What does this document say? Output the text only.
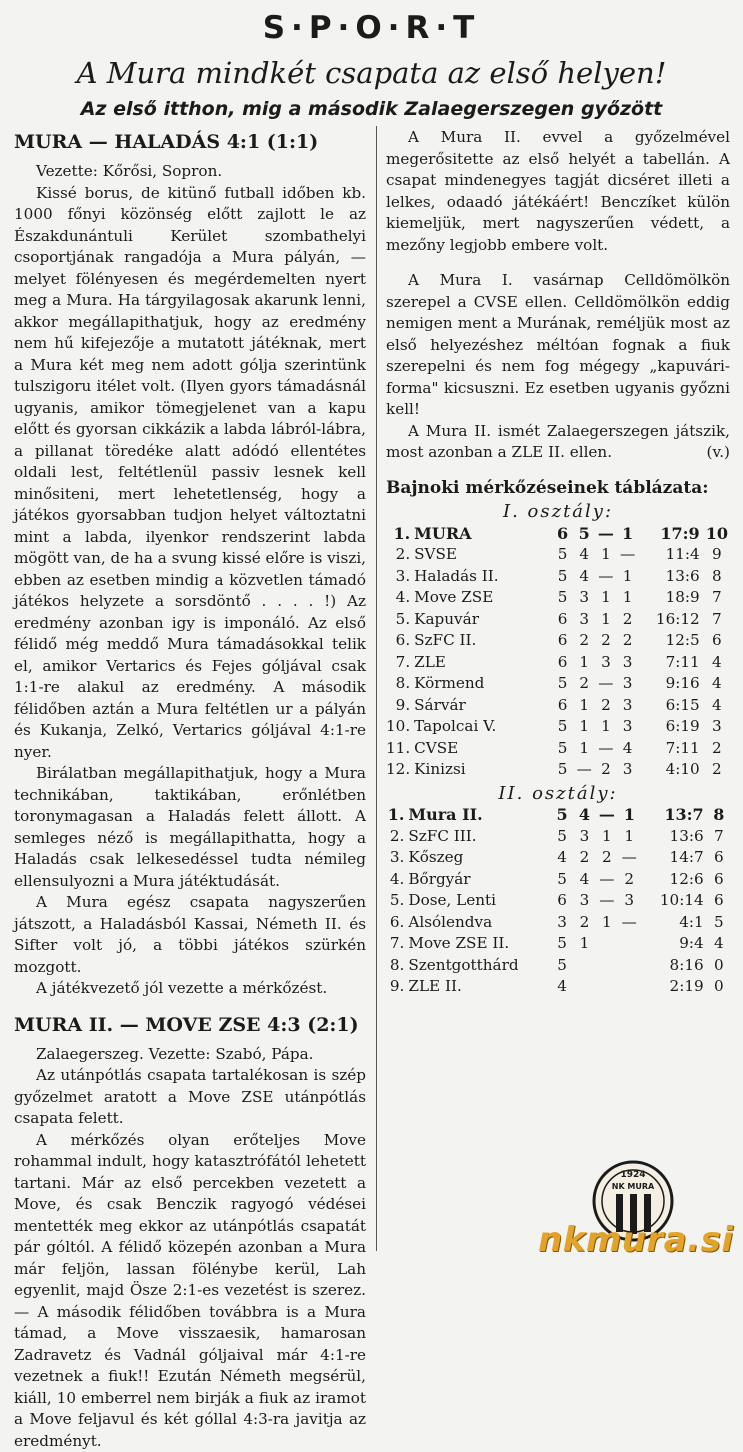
S·P·O·R·T
A Mura mindkét csapata az első helyen!
Az első itthon, mig a második Zalaegerszegen győzött
MURA — HALADÁS 4:1 (1:1)

Vezette: Kőrősi, Sopron.

Kissé borus, de kitünő futball időben kb. 1000 főnyi közönség előtt zajlott le az Északdunántuli Kerület szombathelyi csoportjának rangadója a Mura pályán, — melyet fölényesen és megérdemelten nyert meg a Mura. Ha tárgyilagosak akarunk lenni, akkor megállapithatjuk, hogy az eredmény nem hű kifejezője a mutatott játéknak, mert a Mura két meg nem adott gólja szerintünk tulszigoru itélet volt. (Ilyen gyors támadásnál ugyanis, amikor tömegjelenet van a kapu előtt és gyorsan cikkázik a labda lábról-lábra, a pillanat töredéke alatt adódó ellentétes oldali lest, feltétlenül passiv lesnek kell minősiteni, mert lehetetlenség, hogy a játékos gyorsabban tudjon helyet változtatni mint a labda, ilyenkor rendszerint labda mögött van, de ha a svung kissé előre is viszi, ebben az esetben mindig a közvetlen támadó játékos helyzete a sorsdöntő . . . . !) Az eredmény azonban igy is imponáló. Az első félidő még meddő Mura támadásokkal telik el, amikor Vertarics és Fejes góljával csak 1:1-re alakul az eredmény. A második félidőben aztán a Mura feltétlen ur a pályán és Kukanja, Zelkó, Vertarics góljával 4:1-re nyer.

Birálatban megállapithatjuk, hogy a Mura technikában, taktikában, erőnlétben toronymagasan a Haladás felett állott. A semleges néző is megállapithatta, hogy a Haladás csak lelkesedéssel tudta némileg ellensulyozni a Mura játéktudását.

A Mura egész csapata nagyszerűen játszott, a Haladásból Kassai, Németh II. és Sifter volt jó, a többi játékos szürkén mozgott.

A játékvezető jól vezette a mérkőzést.

MURA II. — MOVE ZSE 4:3 (2:1)

Zalaegerszeg. Vezette: Szabó, Pápa.

Az utánpótlás csapata tartalékosan is szép győzelmet aratott a Move ZSE utánpótlás csapata felett.

A mérkőzés olyan erőteljes Move rohammal indult, hogy katasztrófától lehetett tartani. Már az első percekben vezetett a Move, és csak Benczik ragyogó védései mentették meg ekkor az utánpótlás csapatát pár góltól. A félidő közepén azonban a Mura már feljön, lassan fölénybe kerül, Lah egyenlit, majd Ösze 2:1-es vezetést is szerez. — A második félidőben továbbra is a Mura támad, a Move visszaesik, hamarosan Zadravetz és Vadnál góljaival már 4:1-re vezetnek a fiuk!! Ezután Németh megsérül, kiáll, 10 emberrel nem birják a fiuk az iramot a Move feljavul és két góllal 4:3-ra javitja az eredményt.

A Mura II. evvel a győzelmével megerősitette az első helyét a tabellán. A csapat mindenegyes tagját dicséret illeti a lelkes, odaadó játékáért! Benczíket külön kiemeljük, mert nagyszerűen védett, a mezőny legjobb embere volt.

A Mura I. vasárnap Celldömölkön szerepel a CVSE ellen. Celldömölkön eddig nemigen ment a Murának, reméljük most az első helyezéshez méltóan fognak a fiuk szerepelni és nem fog mégegy „kapuvári-forma" kicsuszni. Ez esetben ugyanis győzni kell!

A Mura II. ismét Zalaegerszegen játszik, most azonban a ZLE II. ellen.	(v.)

Bajnoki mérkőzéseinek táblázata:
I. osztály:
1.	MURA	6	5	—	1	17:9	10
2.	SVSE	5	4	1	—	11:4	9
3.	Haladás II.	5	4	—	1	13:6	8
4.	Move ZSE	5	3	1	1	18:9	7
5.	Kapuvár	6	3	1	2	16:12	7
6.	SzFC II.	6	2	2	2	12:5	6
7.	ZLE	6	1	3	3	7:11	4
8.	Körmend	5	2	—	3	9:16	4
9.	Sárvár	6	1	2	3	6:15	4
10.	Tapolcai V.	5	1	1	3	6:19	3
11.	CVSE	5	1	—	4	7:11	2
12.	Kinizsi	5	—	2	3	4:10	2
II. osztály:
1.	Mura II.	5	4	—	1	13:7	8
2.	SzFC III.	5	3	1	1	13:6	7
3.	Kőszeg	4	2	2	—	14:7	6
4.	Bőrgyár	5	4	—	2	12:6	6
5.	Dose, Lenti	6	3	—	3	10:14	6
6.	Alsólendva	3	2	1	—	4:1	5
7.	Move ZSE II.	5	1			9:4	4
8.	Szentgotthárd	5				8:16	0
9.	ZLE II.	4				2:19	0
1924
NK MURA
nkmura.si
